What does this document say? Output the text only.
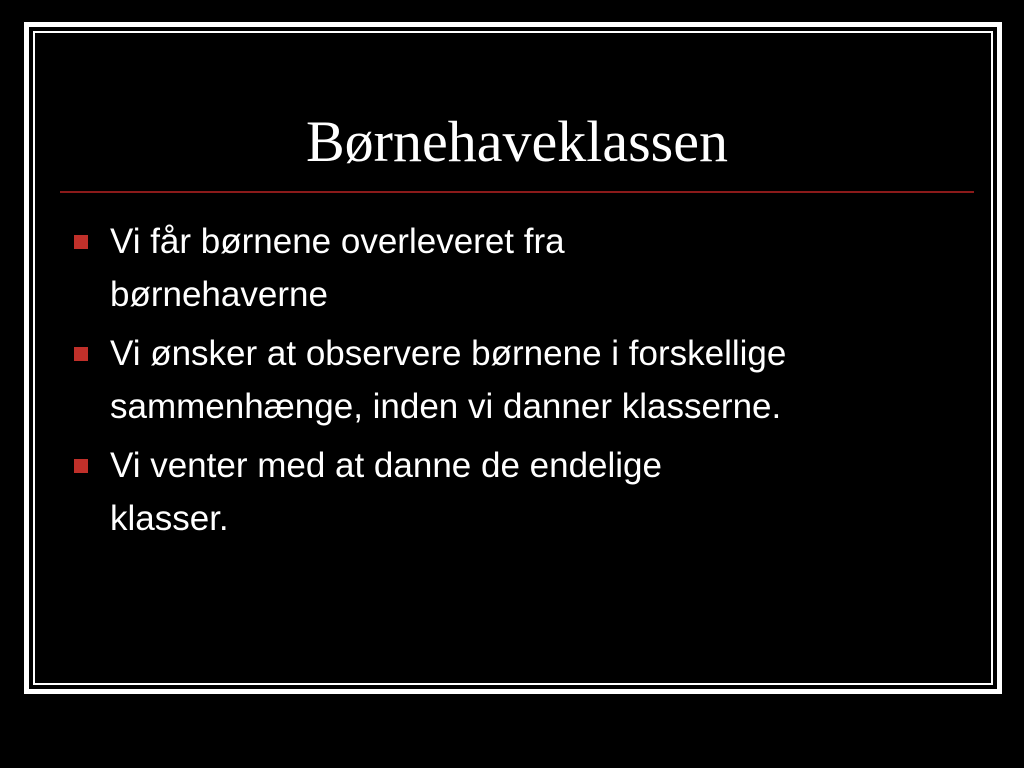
Børnehaveklassen
Vi får børnene overleveret fra
børnehaverne
Vi ønsker at observere børnene i forskellige
sammenhænge, inden vi danner klasserne.
Vi venter med at danne de endelige
klasser.
